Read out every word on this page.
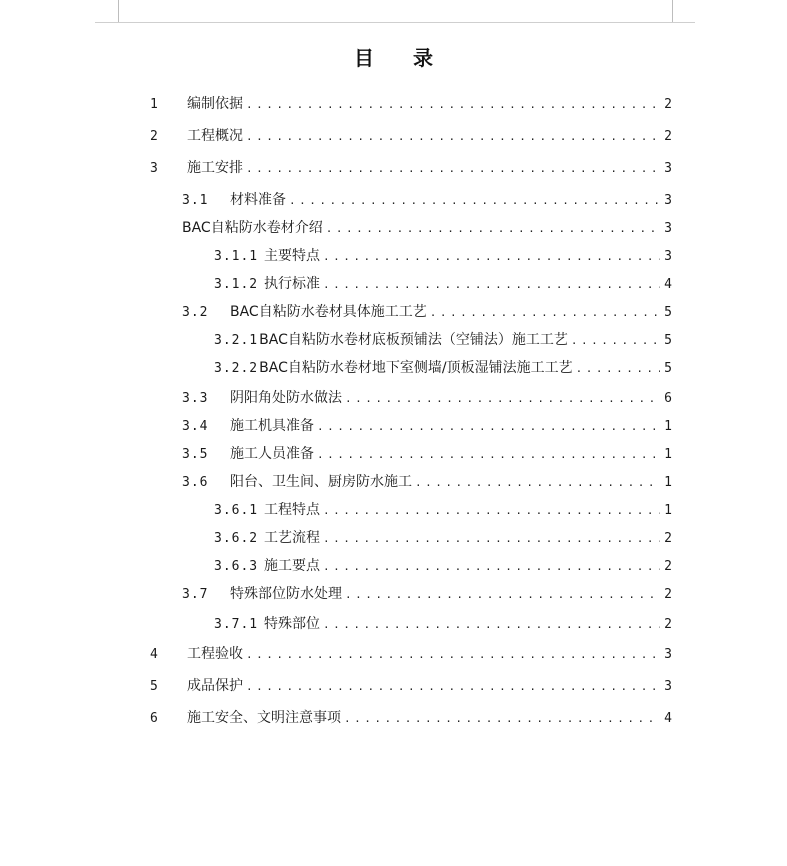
目 录
1	编制依据 .....	2
2	工程概况 .....	2
3	施工安排 .....	3
3.1	材料准备 .....	3
BAC自粘防水卷材介绍 .....	3
3.1.1 主要特点 .....	3
3.1.2 执行标准 .....	4
3.2	BAC自粘防水卷材具体施工工艺 .....	5
3.2.1 BAC自粘防水卷材底板预铺法（空铺法）施工工艺 .....	5
3.2.2 BAC自粘防水卷材地下室侧墙/顶板湿铺法施工工艺 .....	5
3.3	阴阳角处防水做法 .....	6
3.4	施工机具准备 .....	1
3.5	施工人员准备 .....	1
3.6	阳台、卫生间、厨房防水施工 .....	1
3.6.1 工程特点 .....	1
3.6.2 工艺流程 .....	2
3.6.3 施工要点 .....	2
3.7	特殊部位防水处理 .....	2
3.7.1 特殊部位 .....	2
4	工程验收 .....	3
5	成品保护 .....	3
6	施工安全、文明注意事项 .....	4
